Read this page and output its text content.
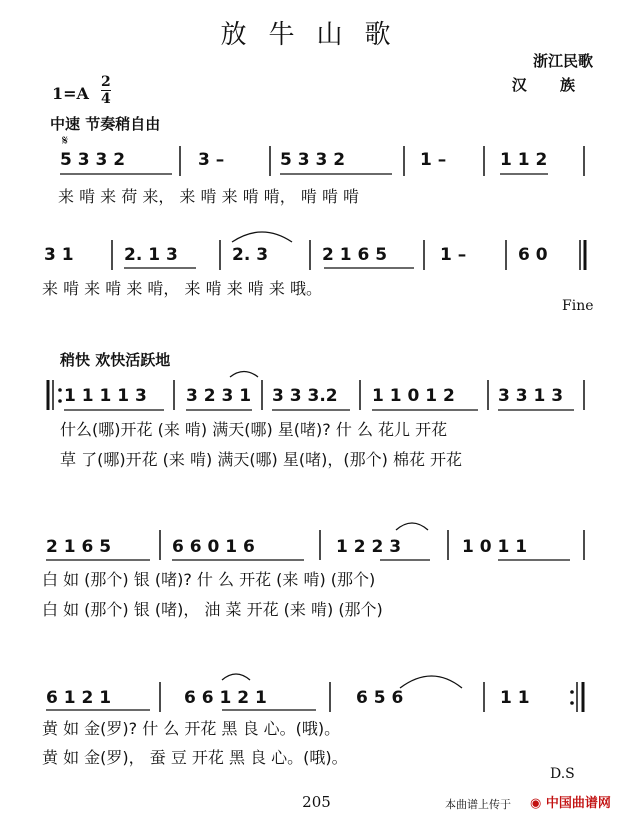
放牛山歌
浙江民歌
汉 族
$1=A \frac{2}{4}$
中速 节奏稍自由
𝄋
5 3 3 2	3 –	5 3 3 2	1 –	1 1 2
来 啃 来 荷 来， 来 啃 来 啃 啃， 啃 啃 啃
3 1	2. 1 3	2. 3	2 1 6 5	1 –	6 0
来 啃 来 啃 来 啃， 来 啃 来 啃 来 哦。
Fine
稍快 欢快活跃地
1 1 1 1 3 3 2 3 1 3 3 3.2 1 1 0 1 2	3 3 1 3
什么(哪)开花 (来 啃) 满天(哪) 星(啫)? 什 么 花儿 开花
草 了(哪)开花 (来 啃) 满天(哪) 星(啫)，(那个) 棉花 开花
2 1 6 5	6 6 0 1 6	1 2 2 3	1 0 1 1
白 如 (那个) 银 (啫)? 什 么 开花 (来 啃) (那个)
白 如 (那个) 银 (啫)， 油 菜 开花 (来 啃) (那个)
6 1 2 1	6 6 1 2 1	6 5 6	1 1
黄 如 金(罗)? 什 么 开花 黑 良 心。(哦)。
黄 如 金(罗)， 蚕 豆 开花 黑 良 心。(哦)。
D.S
205	本曲谱上传于 ◉ 中国曲谱网
